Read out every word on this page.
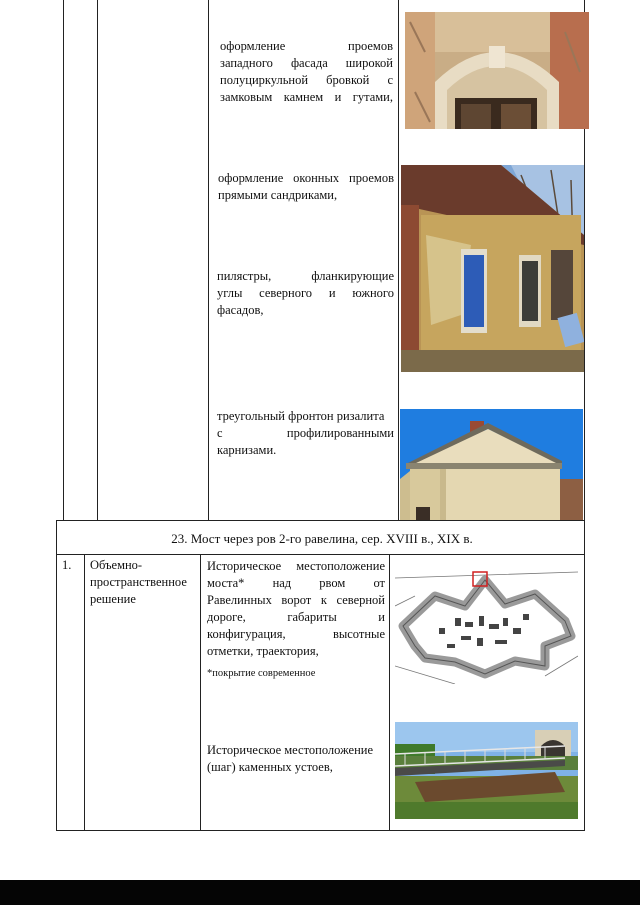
оформление проемов
западного фасада широкой
полуциркульной бровкой с
замковым камнем и гутами,
оформление оконных проемов
прямыми сандриками,
пилястры, фланкирующие
углы северного и южного
фасадов,
треугольный фронтон ризалита
с профилированными
карнизами.
23. Мост через ров 2-го равелина, сер. XVIII в., XIX в.
1. Объемно-
пространственное
решение
Историческое местоположение
моста* над рвом от
Равелинных ворот к северной
дороге, габариты и
конфигурация, высотные
отметки, траектория,
*покрытие современное
Историческое местоположение
(шаг) каменных устоев,
